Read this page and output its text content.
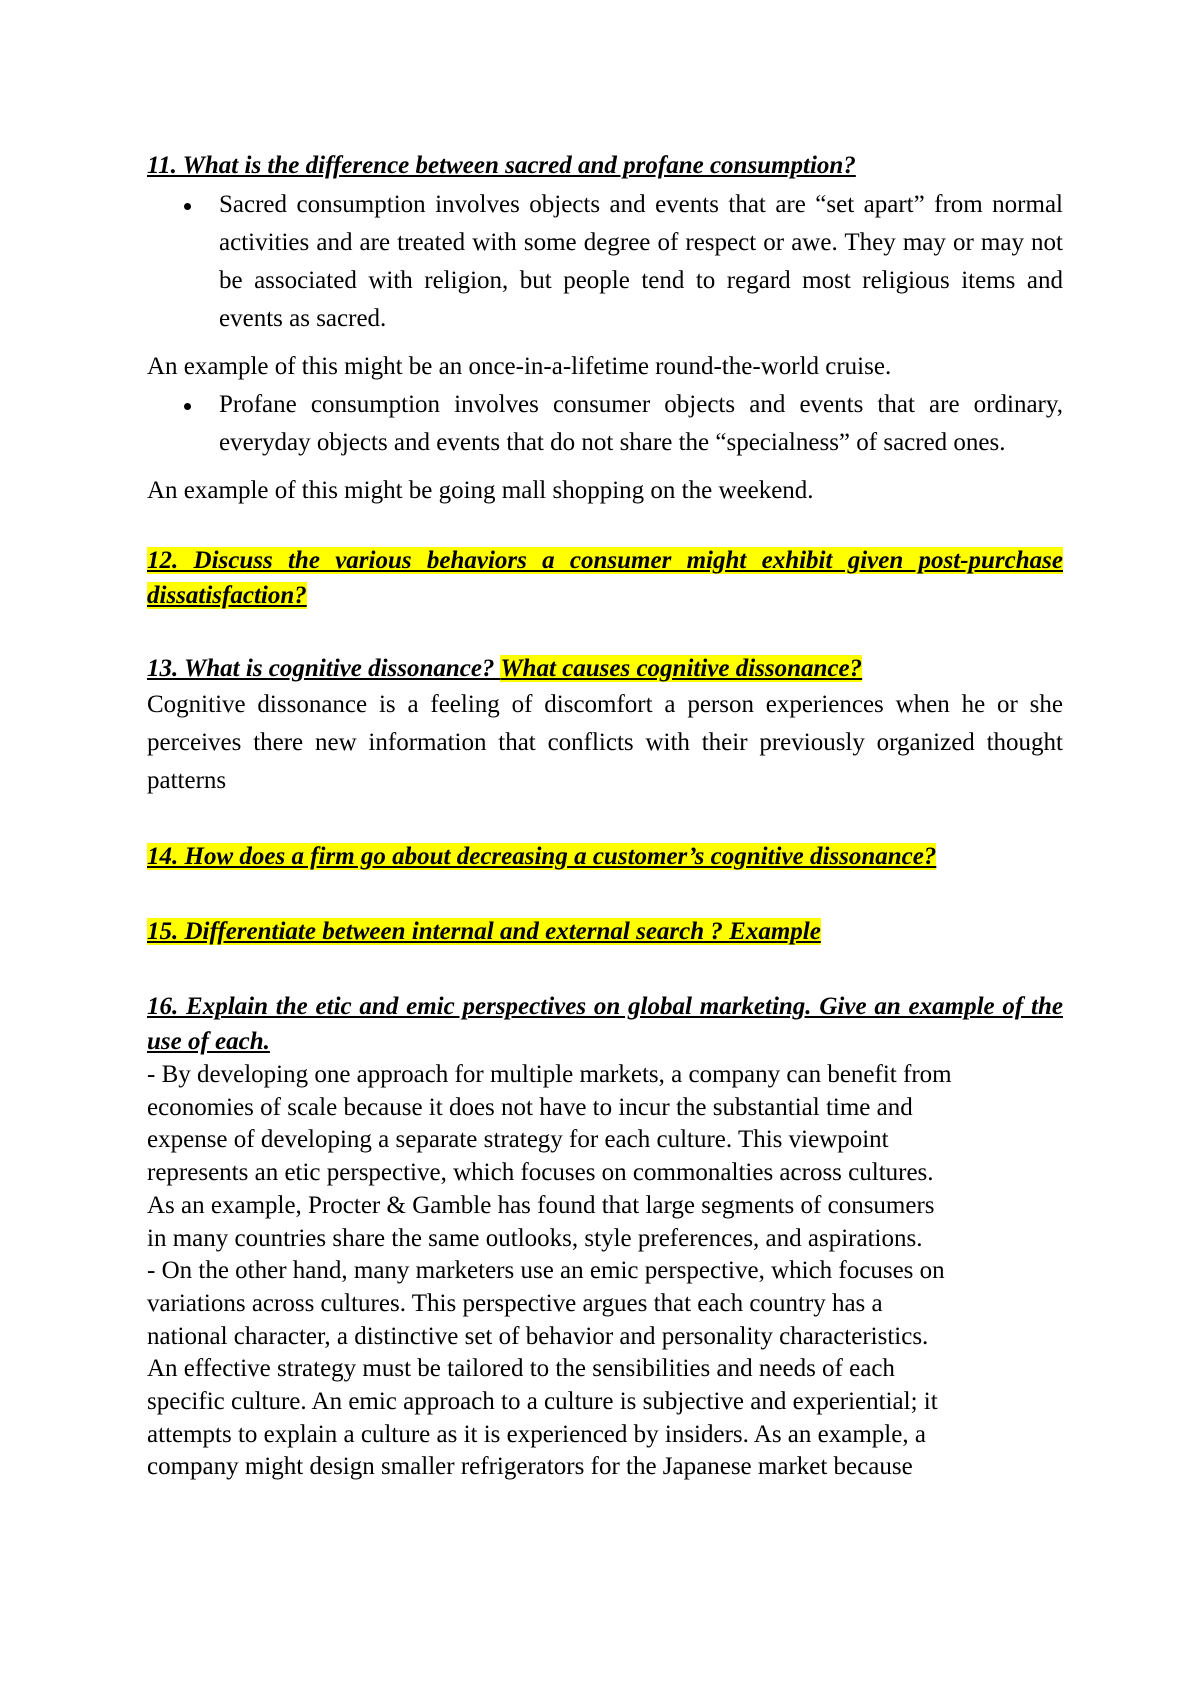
11. What is the difference between sacred and profane consumption?

Sacred consumption involves objects and events that are “set apart” from normal activities and are treated with some degree of respect or awe. They may or may not be associated with religion, but people tend to regard most religious items and events as sacred.

An example of this might be an once-in-a-lifetime round-the-world cruise.

Profane consumption involves consumer objects and events that are ordinary, everyday objects and events that do not share the “specialness” of sacred ones.

An example of this might be going mall shopping on the weekend.

12. Discuss the various behaviors a consumer might exhibit given post-purchase dissatisfaction?

13. What is cognitive dissonance? What causes cognitive dissonance?

Cognitive dissonance is a feeling of discomfort a person experiences when he or she perceives there new information that conflicts with their previously organized thought patterns

14. How does a firm go about decreasing a customer’s cognitive dissonance?

15. Differentiate between internal and external search ? Example

16. Explain the etic and emic perspectives on global marketing. Give an example of the use of each.

- By developing one approach for multiple markets, a company can benefit from
economies of scale because it does not have to incur the substantial time and
expense of developing a separate strategy for each culture. This viewpoint
represents an etic perspective, which focuses on commonalties across cultures.
As an example, Procter & Gamble has found that large segments of consumers
in many countries share the same outlooks, style preferences, and aspirations.
- On the other hand, many marketers use an emic perspective, which focuses on
variations across cultures. This perspective argues that each country has a
national character, a distinctive set of behavior and personality characteristics.
An effective strategy must be tailored to the sensibilities and needs of each
specific culture. An emic approach to a culture is subjective and experiential; it
attempts to explain a culture as it is experienced by insiders. As an example, a
company might design smaller refrigerators for the Japanese market because
